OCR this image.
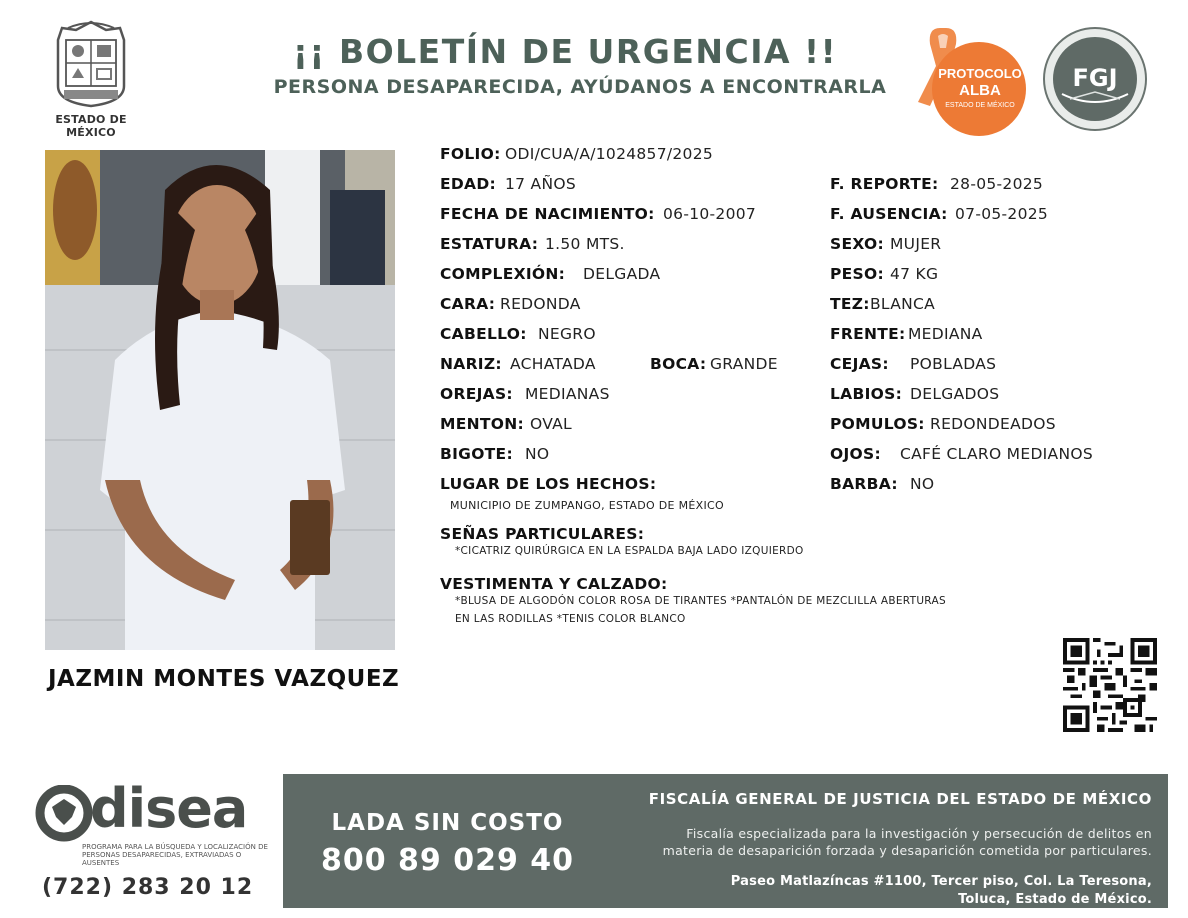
ESTADO DE MÉXICO
¡¡ BOLETÍN DE URGENCIA !!
PERSONA DESAPARECIDA, AYÚDANOS A ENCONTRARLA
PROTOCOLO
ALBA
ESTADO DE MÉXICO
FGJ
JAZMIN MONTES VAZQUEZ
FOLIO: ODI/CUA/A/1024857/2025
EDAD: 17 AÑOS	F. REPORTE: 28-05-2025
FECHA DE NACIMIENTO: 06-10-2007	F. AUSENCIA: 07-05-2025
ESTATURA: 1.50 MTS.	SEXO: MUJER
COMPLEXIÓN: DELGADA	PESO: 47 KG
CARA: REDONDA	TEZ: BLANCA
CABELLO: NEGRO	FRENTE: MEDIANA
NARIZ: ACHATADA	BOCA: GRANDE	CEJAS: POBLADAS
OREJAS: MEDIANAS	LABIOS: DELGADOS
MENTON: OVAL	POMULOS: REDONDEADOS
BIGOTE: NO	OJOS: CAFÉ CLARO MEDIANOS
LUGAR DE LOS HECHOS:
MUNICIPIO DE ZUMPANGO, ESTADO DE MÉXICO
BARBA: NO
SEÑAS PARTICULARES:
*CICATRIZ QUIRÚRGICA EN LA ESPALDA BAJA LADO IZQUIERDO
VESTIMENTA Y CALZADO:
*BLUSA DE ALGODÓN COLOR ROSA DE TIRANTES *PANTALÓN DE MEZCLILLA ABERTURAS
EN LAS RODILLAS *TENIS COLOR BLANCO
disea
PROGRAMA PARA LA BÚSQUEDA Y LOCALIZACIÓN DE PERSONAS DESAPARECIDAS, EXTRAVIADAS O AUSENTES
(722) 283 20 12
LADA SIN COSTO
800 89 029 40
FISCALÍA GENERAL DE JUSTICIA DEL ESTADO DE MÉXICO
Fiscalía especializada para la investigación y persecución de delitos en
materia de desaparición forzada y desaparición cometida por particulares.
Paseo Matlazíncas #1100, Tercer piso, Col. La Teresona,
Toluca, Estado de México.
